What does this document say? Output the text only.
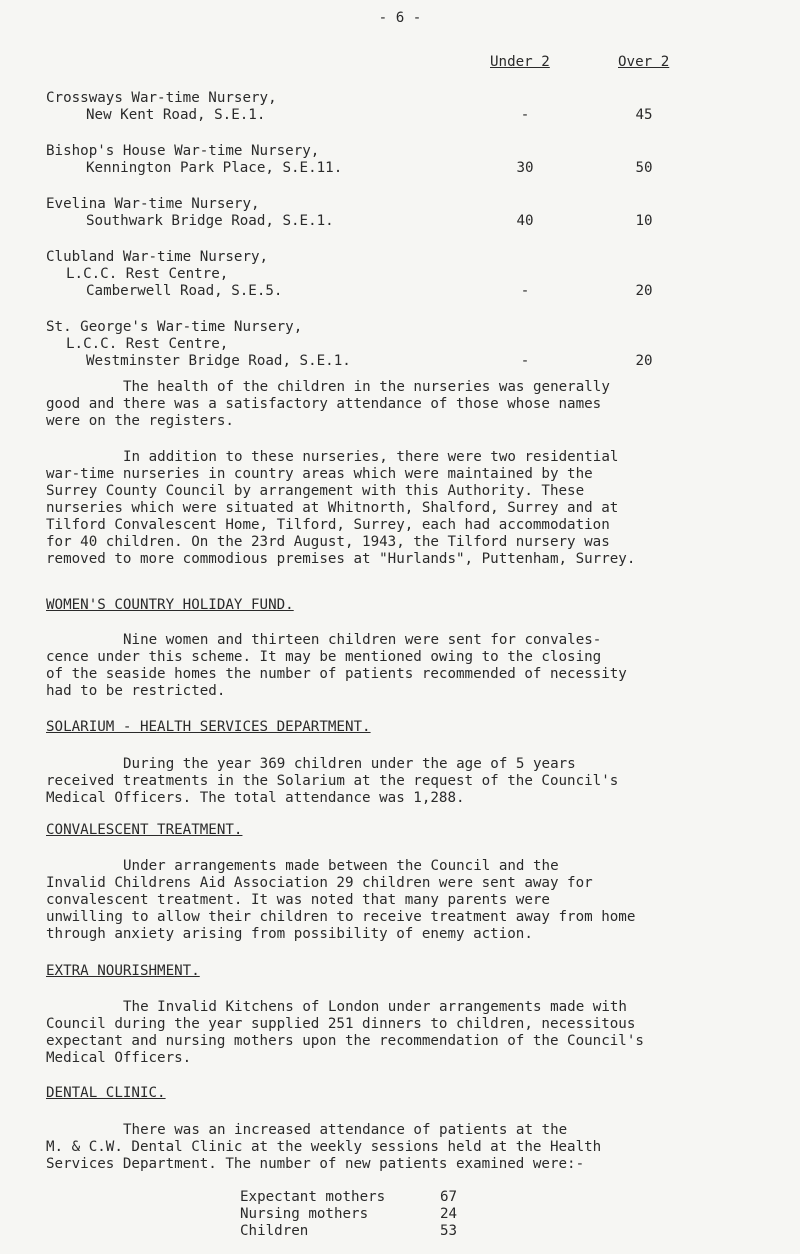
- 6 -
Under 2	Over 2
Crossways War-time Nursery,
New Kent Road, S.E.1.	-	45
Bishop's House War-time Nursery,
Kennington Park Place, S.E.11.	30	50
Evelina War-time Nursery,
Southwark Bridge Road, S.E.1.	40	10
Clubland War-time Nursery,
L.C.C. Rest Centre,
Camberwell Road, S.E.5.	-	20
St. George's War-time Nursery,
L.C.C. Rest Centre,
Westminster Bridge Road, S.E.1.	-	20
The health of the children in the nurseries was generally
good and there was a satisfactory attendance of those whose names
were on the registers.
In addition to these nurseries, there were two residential
war-time nurseries in country areas which were maintained by the
Surrey County Council by arrangement with this Authority. These
nurseries which were situated at Whitnorth, Shalford, Surrey and at
Tilford Convalescent Home, Tilford, Surrey, each had accommodation
for 40 children. On the 23rd August, 1943, the Tilford nursery was
removed to more commodious premises at "Hurlands", Puttenham, Surrey.
WOMEN'S COUNTRY HOLIDAY FUND.
Nine women and thirteen children were sent for convales-
cence under this scheme. It may be mentioned owing to the closing
of the seaside homes the number of patients recommended of necessity
had to be restricted.
SOLARIUM - HEALTH SERVICES DEPARTMENT.
During the year 369 children under the age of 5 years
received treatments in the Solarium at the request of the Council's
Medical Officers. The total attendance was 1,288.
CONVALESCENT TREATMENT.
Under arrangements made between the Council and the
Invalid Childrens Aid Association 29 children were sent away for
convalescent treatment. It was noted that many parents were
unwilling to allow their children to receive treatment away from home
through anxiety arising from possibility of enemy action.
EXTRA NOURISHMENT.
The Invalid Kitchens of London under arrangements made with
Council during the year supplied 251 dinners to children, necessitous
expectant and nursing mothers upon the recommendation of the Council's
Medical Officers.
DENTAL CLINIC.
There was an increased attendance of patients at the
M. & C.W. Dental Clinic at the weekly sessions held at the Health
Services Department. The number of new patients examined were:-
Expectant mothers	67
Nursing mothers	24
Children	53
